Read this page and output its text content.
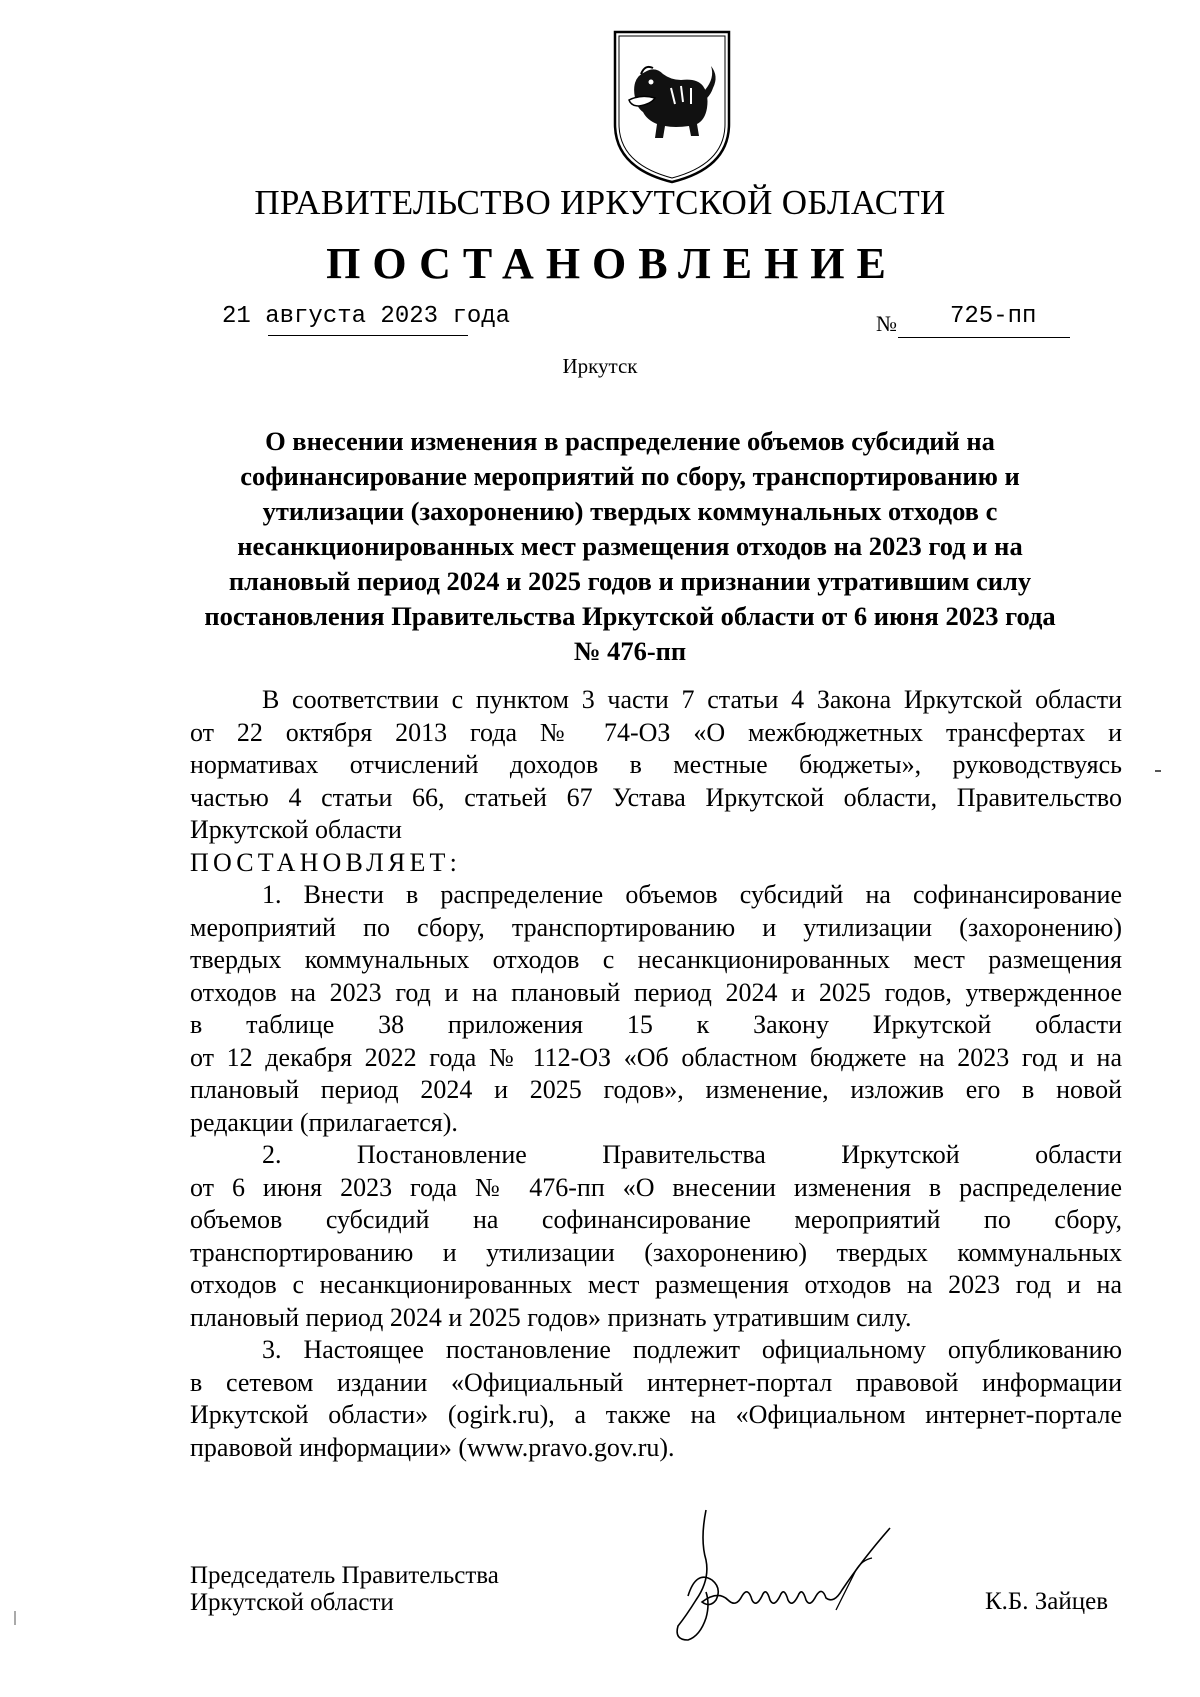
ПРАВИТЕЛЬСТВО ИРКУТСКОЙ ОБЛАСТИ
ПОСТАНОВЛЕНИЕ
21 августа 2023 года	№ 725-пп
Иркутск
О внесении изменения в распределение объемов субсидий на
софинансирование мероприятий по сбору, транспортированию и
утилизации (захоронению) твердых коммунальных отходов с
несанкционированных мест размещения отходов на 2023 год и на
плановый период 2024 и 2025 годов и признании утратившим силу
постановления Правительства Иркутской области от 6 июня 2023 года
№ 476-пп
В соответствии с пунктом 3 части 7 статьи 4 Закона Иркутской области
от 22 октября 2013 года № 74-ОЗ «О межбюджетных трансфертах и
нормативах отчислений доходов в местные бюджеты», руководствуясь
частью 4 статьи 66, статьей 67 Устава Иркутской области, Правительство
Иркутской области
ПОСТАНОВЛЯЕТ:
1. Внести в распределение объемов субсидий на софинансирование
мероприятий по сбору, транспортированию и утилизации (захоронению)
твердых коммунальных отходов с несанкционированных мест размещения
отходов на 2023 год и на плановый период 2024 и 2025 годов, утвержденное
в таблице 38 приложения 15 к Закону Иркутской области
от 12 декабря 2022 года № 112-ОЗ «Об областном бюджете на 2023 год и на
плановый период 2024 и 2025 годов», изменение, изложив его в новой
редакции (прилагается).
2. Постановление Правительства Иркутской области
от 6 июня 2023 года № 476-пп «О внесении изменения в распределение
объемов субсидий на софинансирование мероприятий по сбору,
транспортированию и утилизации (захоронению) твердых коммунальных
отходов с несанкционированных мест размещения отходов на 2023 год и на
плановый период 2024 и 2025 годов» признать утратившим силу.
3. Настоящее постановление подлежит официальному опубликованию
в сетевом издании «Официальный интернет-портал правовой информации
Иркутской области» (ogirk.ru), а также на «Официальном интернет-портале
правовой информации» (www.pravo.gov.ru).
Председатель Правительства
Иркутской области	К.Б. Зайцев
